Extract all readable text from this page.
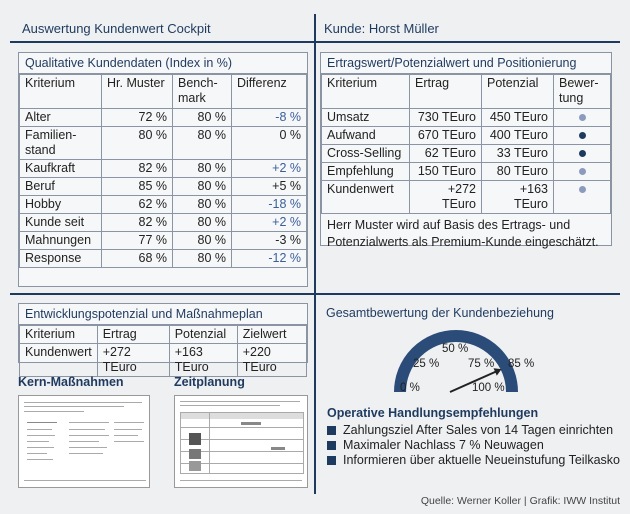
Auswertung Kundenwert Cockpit	Kunde: Horst Müller
Qualitative Kundendaten (Index in %)
Kriterium	Hr. Muster	Bench-
mark	Differenz
Alter	72 %	80 %	-8 %
Familien-
stand	80 %	80 %	0 %
Kaufkraft	82 %	80 %	+2 %
Beruf	85 %	80 %	+5 %
Hobby	62 %	80 %	-18 %
Kunde seit	82 %	80 %	+2 %
Mahnungen	77 %	80 %	-3 %
Response	68 %	80 %	-12 %
Ertragswert/Potenzialwert und Positionierung
Kriterium	Ertrag	Potenzial	Bewer-
tung
Umsatz	730 TEuro	450 TEuro	
Aufwand	670 TEuro	400 TEuro	
Cross-Selling	62 TEuro	33 TEuro	
Empfehlung	150 TEuro	80 TEuro	
Kundenwert	+272 TEuro	+163 TEuro	
Herr Muster wird auf Basis des Ertrags- und Potenzialwerts als Premium-Kunde eingeschätzt.
Entwicklungspotenzial und Maßnahmeplan
Kriterium	Ertrag	Potenzial	Zielwert
Kundenwert	+272 TEuro	+163 TEuro	+220 TEuro
Kern-Maßnahmen	Zeitplanung
Gesamtbewertung der Kundenbeziehung
50 %
25 %	75 % 85 %
0 %	100 %
Operative Handlungsempfehlungen
Zahlungsziel After Sales von 14 Tagen einrichten
Maximaler Nachlass 7 % Neuwagen
Informieren über aktuelle Neueinstufung Teilkasko
Quelle: Werner Koller | Grafik: IWW Institut
